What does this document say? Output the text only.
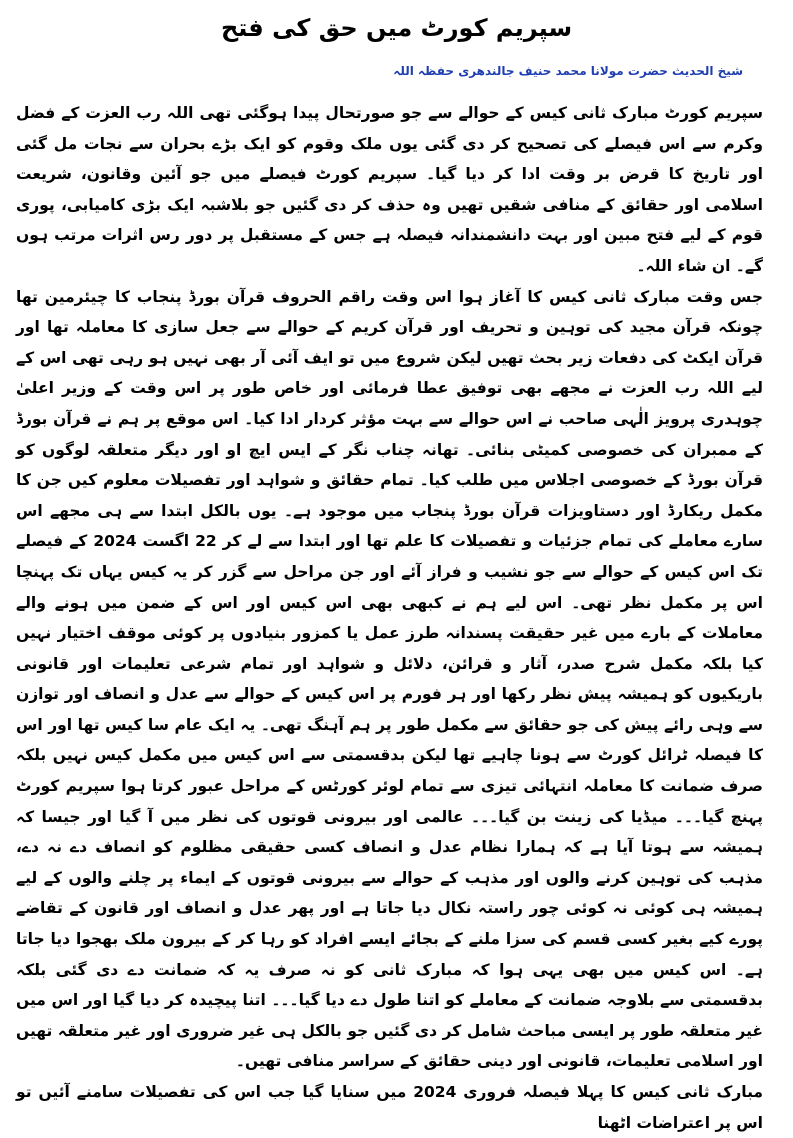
سپریم کورٹ میں حق کی فتح
شیخ الحدیث حضرت مولانا محمد حنیف جالندھری حفظہ اللہ

سپریم کورٹ مبارک ثانی کیس کے حوالے سے جو صورتحال پیدا ہوگئی تھی اللہ رب العزت کے فضل وکرم سے اس فیصلے کی تصحیح کر دی گئی یوں ملک وقوم کو ایک بڑے بحران سے نجات مل گئی اور تاریخ کا قرض بر وقت ادا کر دیا گیا۔ سپریم کورٹ فیصلے میں جو آئین وقانون، شریعت اسلامی اور حقائق کے منافی شقیں تھیں وہ حذف کر دی گئیں جو بلاشبہ ایک بڑی کامیابی، پوری قوم کے لیے فتح مبین اور بہت دانشمندانہ فیصلہ ہے جس کے مستقبل پر دور رس اثرات مرتب ہوں گے۔ ان شاء اللہ۔

جس وقت مبارک ثانی کیس کا آغاز ہوا اس وقت راقم الحروف قرآن بورڈ پنجاب کا چیئرمین تھا چونکہ قرآن مجید کی توہین و تحریف اور قرآن کریم کے حوالے سے جعل سازی کا معاملہ تھا اور قرآن ایکٹ کی دفعات زیر بحث تھیں لیکن شروع میں تو ایف آئی آر بھی نہیں ہو رہی تھی اس کے لیے اللہ رب العزت نے مجھے بھی توفیق عطا فرمائی اور خاص طور پر اس وقت کے وزیر اعلیٰ چوہدری پرویز الٰہی صاحب نے اس حوالے سے بہت مؤثر کردار ادا کیا۔ اس موقع پر ہم نے قرآن بورڈ کے ممبران کی خصوصی کمیٹی بنائی۔ تھانہ چناب نگر کے ایس ایچ او اور دیگر متعلقہ لوگوں کو قرآن بورڈ کے خصوصی اجلاس میں طلب کیا۔ تمام حقائق و شواہد اور تفصیلات معلوم کیں جن کا مکمل ریکارڈ اور دستاویزات قرآن بورڈ پنجاب میں موجود ہے۔ یوں بالکل ابتدا سے ہی مجھے اس سارے معاملے کی تمام جزئیات و تفصیلات کا علم تھا اور ابتدا سے لے کر 22 اگست 2024 کے فیصلے تک اس کیس کے حوالے سے جو نشیب و فراز آئے اور جن مراحل سے گزر کر یہ کیس یہاں تک پہنچا اس پر مکمل نظر تھی۔ اس لیے ہم نے کبھی بھی اس کیس اور اس کے ضمن میں ہونے والے معاملات کے بارے میں غیر حقیقت پسندانہ طرز عمل یا کمزور بنیادوں پر کوئی موقف اختیار نہیں کیا بلکہ مکمل شرح صدر، آثار و قرائن، دلائل و شواہد اور تمام شرعی تعلیمات اور قانونی باریکیوں کو ہمیشہ پیش نظر رکھا اور ہر فورم پر اس کیس کے حوالے سے عدل و انصاف اور توازن سے وہی رائے پیش کی جو حقائق سے مکمل طور پر ہم آہنگ تھی۔ یہ ایک عام سا کیس تھا اور اس کا فیصلہ ٹرائل کورٹ سے ہونا چاہیے تھا لیکن بدقسمتی سے اس کیس میں مکمل کیس نہیں بلکہ صرف ضمانت کا معاملہ انتہائی تیزی سے تمام لوئر کورٹس کے مراحل عبور کرتا ہوا سپریم کورٹ پہنچ گیا۔۔۔ میڈیا کی زینت بن گیا۔۔۔ عالمی اور بیرونی قوتوں کی نظر میں آ گیا اور جیسا کہ ہمیشہ سے ہوتا آیا ہے کہ ہمارا نظام عدل و انصاف کسی حقیقی مظلوم کو انصاف دے نہ دے، مذہب کی توہین کرنے والوں اور مذہب کے حوالے سے بیرونی قوتوں کے ایماء پر چلنے والوں کے لیے ہمیشہ ہی کوئی نہ کوئی چور راستہ نکال دیا جاتا ہے اور پھر عدل و انصاف اور قانون کے تقاضے پورے کیے بغیر کسی قسم کی سزا ملنے کے بجائے ایسے افراد کو رہا کر کے بیرون ملک بھجوا دیا جاتا ہے۔ اس کیس میں بھی یہی ہوا کہ مبارک ثانی کو نہ صرف یہ کہ ضمانت دے دی گئی بلکہ بدقسمتی سے بلاوجہ ضمانت کے معاملے کو اتنا طول دے دیا گیا۔۔۔ اتنا پیچیدہ کر دیا گیا اور اس میں غیر متعلقہ طور پر ایسی مباحث شامل کر دی گئیں جو بالکل ہی غیر ضروری اور غیر متعلقہ تھیں اور اسلامی تعلیمات، قانونی اور دینی حقائق کے سراسر منافی تھیں۔

مبارک ثانی کیس کا پہلا فیصلہ فروری 2024 میں سنایا گیا جب اس کی تفصیلات سامنے آئیں تو اس پر اعتراضات اٹھنا
